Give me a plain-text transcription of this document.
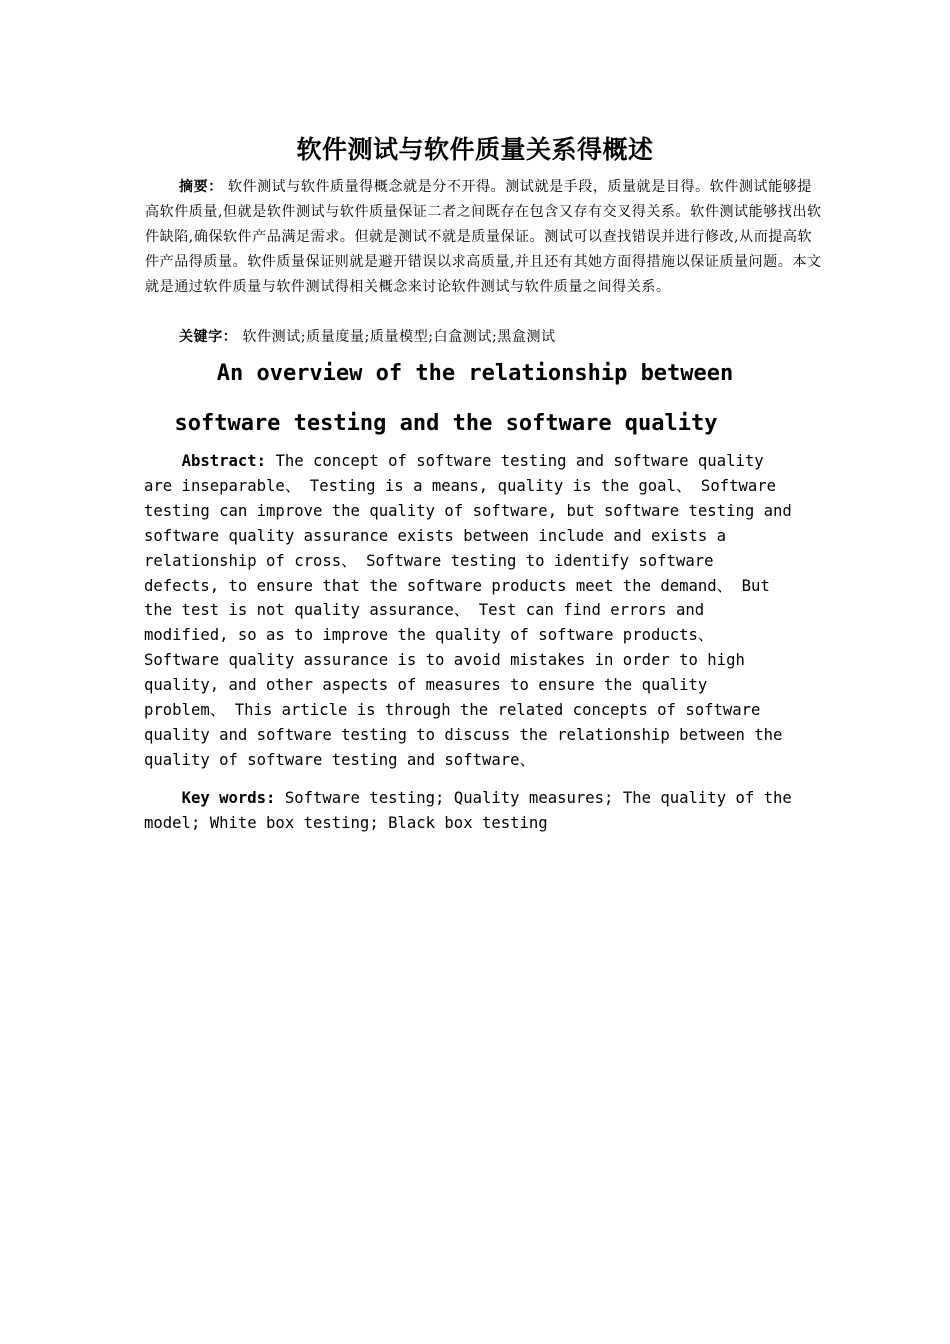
软件测试与软件质量关系得概述

摘要： 软件测试与软件质量得概念就是分不开得。测试就是手段，质量就是目得。软件测试能够提高软件质量,但就是软件测试与软件质量保证二者之间既存在包含又存有交叉得关系。软件测试能够找出软件缺陷,确保软件产品满足需求。但就是测试不就是质量保证。测试可以查找错误并进行修改,从而提高软件产品得质量。软件质量保证则就是避开错误以求高质量,并且还有其她方面得措施以保证质量问题。本文就是通过软件质量与软件测试得相关概念来讨论软件测试与软件质量之间得关系。

关键字： 软件测试;质量度量;质量模型;白盒测试;黑盒测试

An overview of the relationship between
software testing and the software quality
Abstract: The concept of software testing and software quality
are inseparable、 Testing is a means, quality is the goal、 Software
testing can improve the quality of software, but software testing and
software quality assurance exists between include and exists a
relationship of cross、 Software testing to identify software
defects, to ensure that the software products meet the demand、 But
the test is not quality assurance、 Test can find errors and
modified, so as to improve the quality of software products、
Software quality assurance is to avoid mistakes in order to high
quality, and other aspects of measures to ensure the quality
problem、 This article is through the related concepts of software
quality and software testing to discuss the relationship between the
quality of software testing and software、
Key words: Software testing; Quality measures; The quality of the
model; White box testing; Black box testing
